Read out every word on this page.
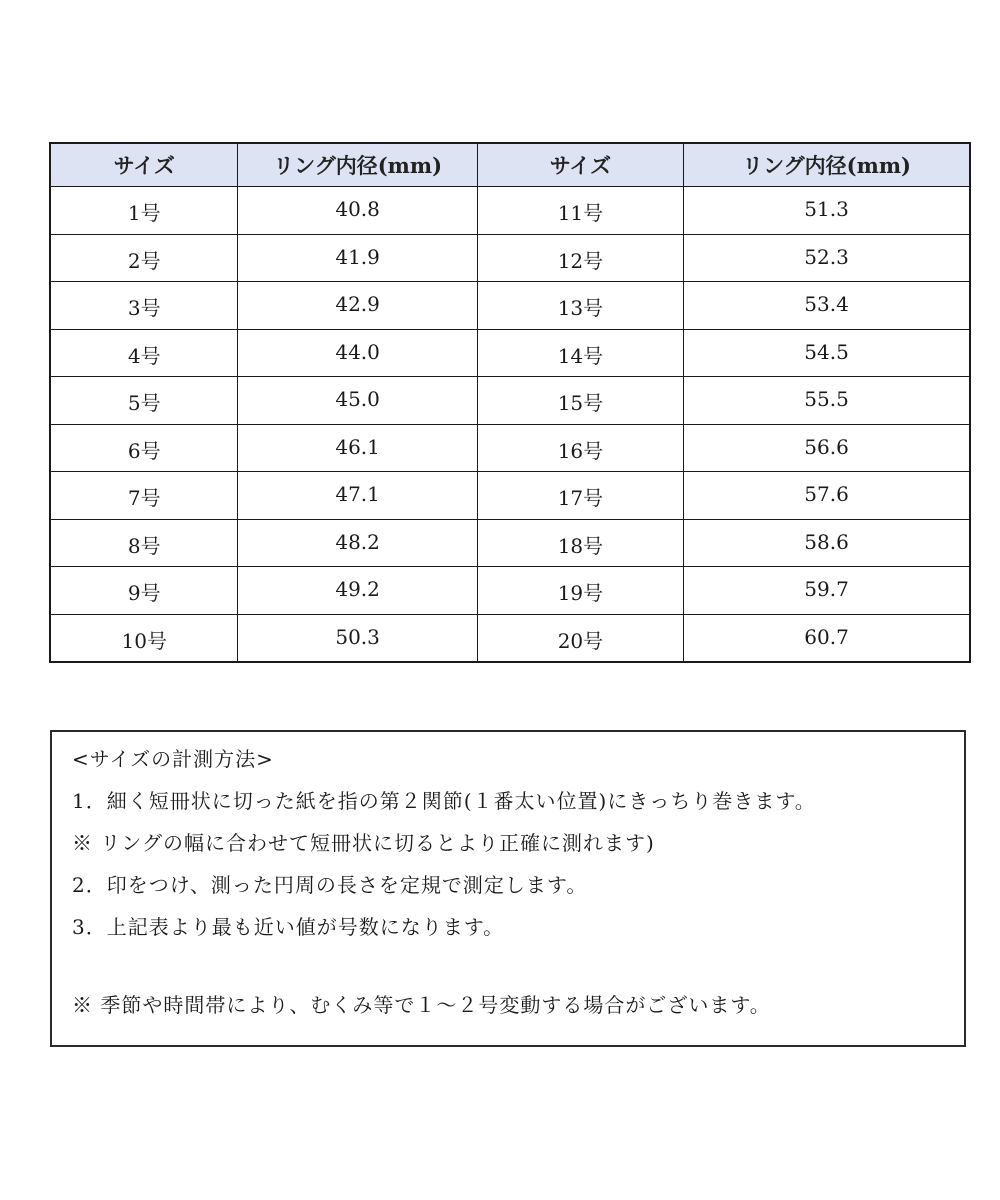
サイズ	リング内径(mm)	サイズ	リング内径(mm)
1号	40.8	11号	51.3
2号	41.9	12号	52.3
3号	42.9	13号	53.4
4号	44.0	14号	54.5
5号	45.0	15号	55.5
6号	46.1	16号	56.6
7号	47.1	17号	57.6
8号	48.2	18号	58.6
9号	49.2	19号	59.7
10号	50.3	20号	60.7
<サイズの計測方法>
1．細く短冊状に切った紙を指の第２関節(１番太い位置)にきっちり巻きます。
※ リングの幅に合わせて短冊状に切るとより正確に測れます)
2．印をつけ、測った円周の長さを定規で測定します。
3．上記表より最も近い値が号数になります。
※ 季節や時間帯により、むくみ等で１～２号変動する場合がございます。
